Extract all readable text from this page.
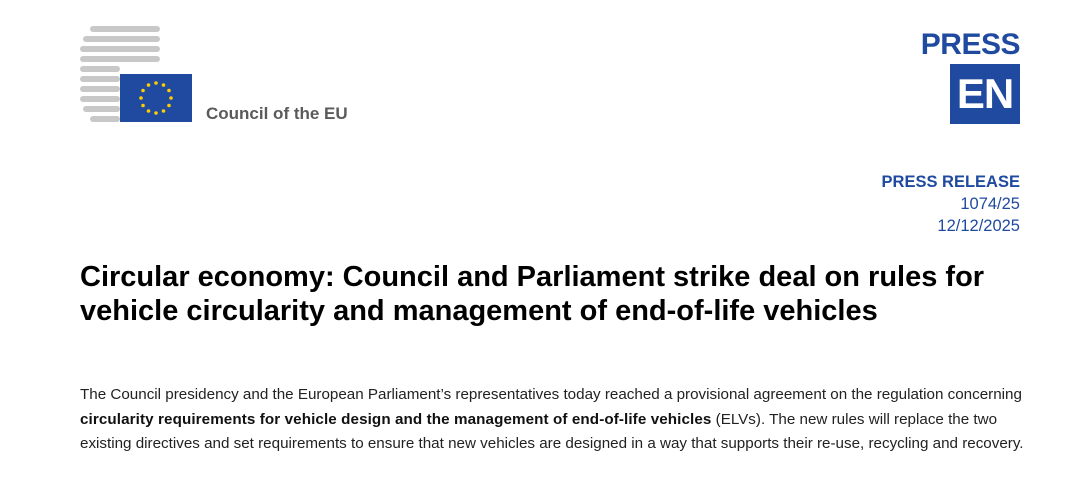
Council of the EU
PRESS
EN
PRESS RELEASE
1074/25
12/12/2025
Circular economy: Council and Parliament strike deal on rules for vehicle circularity and management of end-of-life vehicles

The Council presidency and the European Parliament’s representatives today reached a provisional agreement on the regulation concerning circularity requirements for vehicle design and the management of end-of-life vehicles (ELVs). The new rules will replace the two existing directives and set requirements to ensure that new vehicles are designed in a way that supports their re-use, recycling and recovery.
